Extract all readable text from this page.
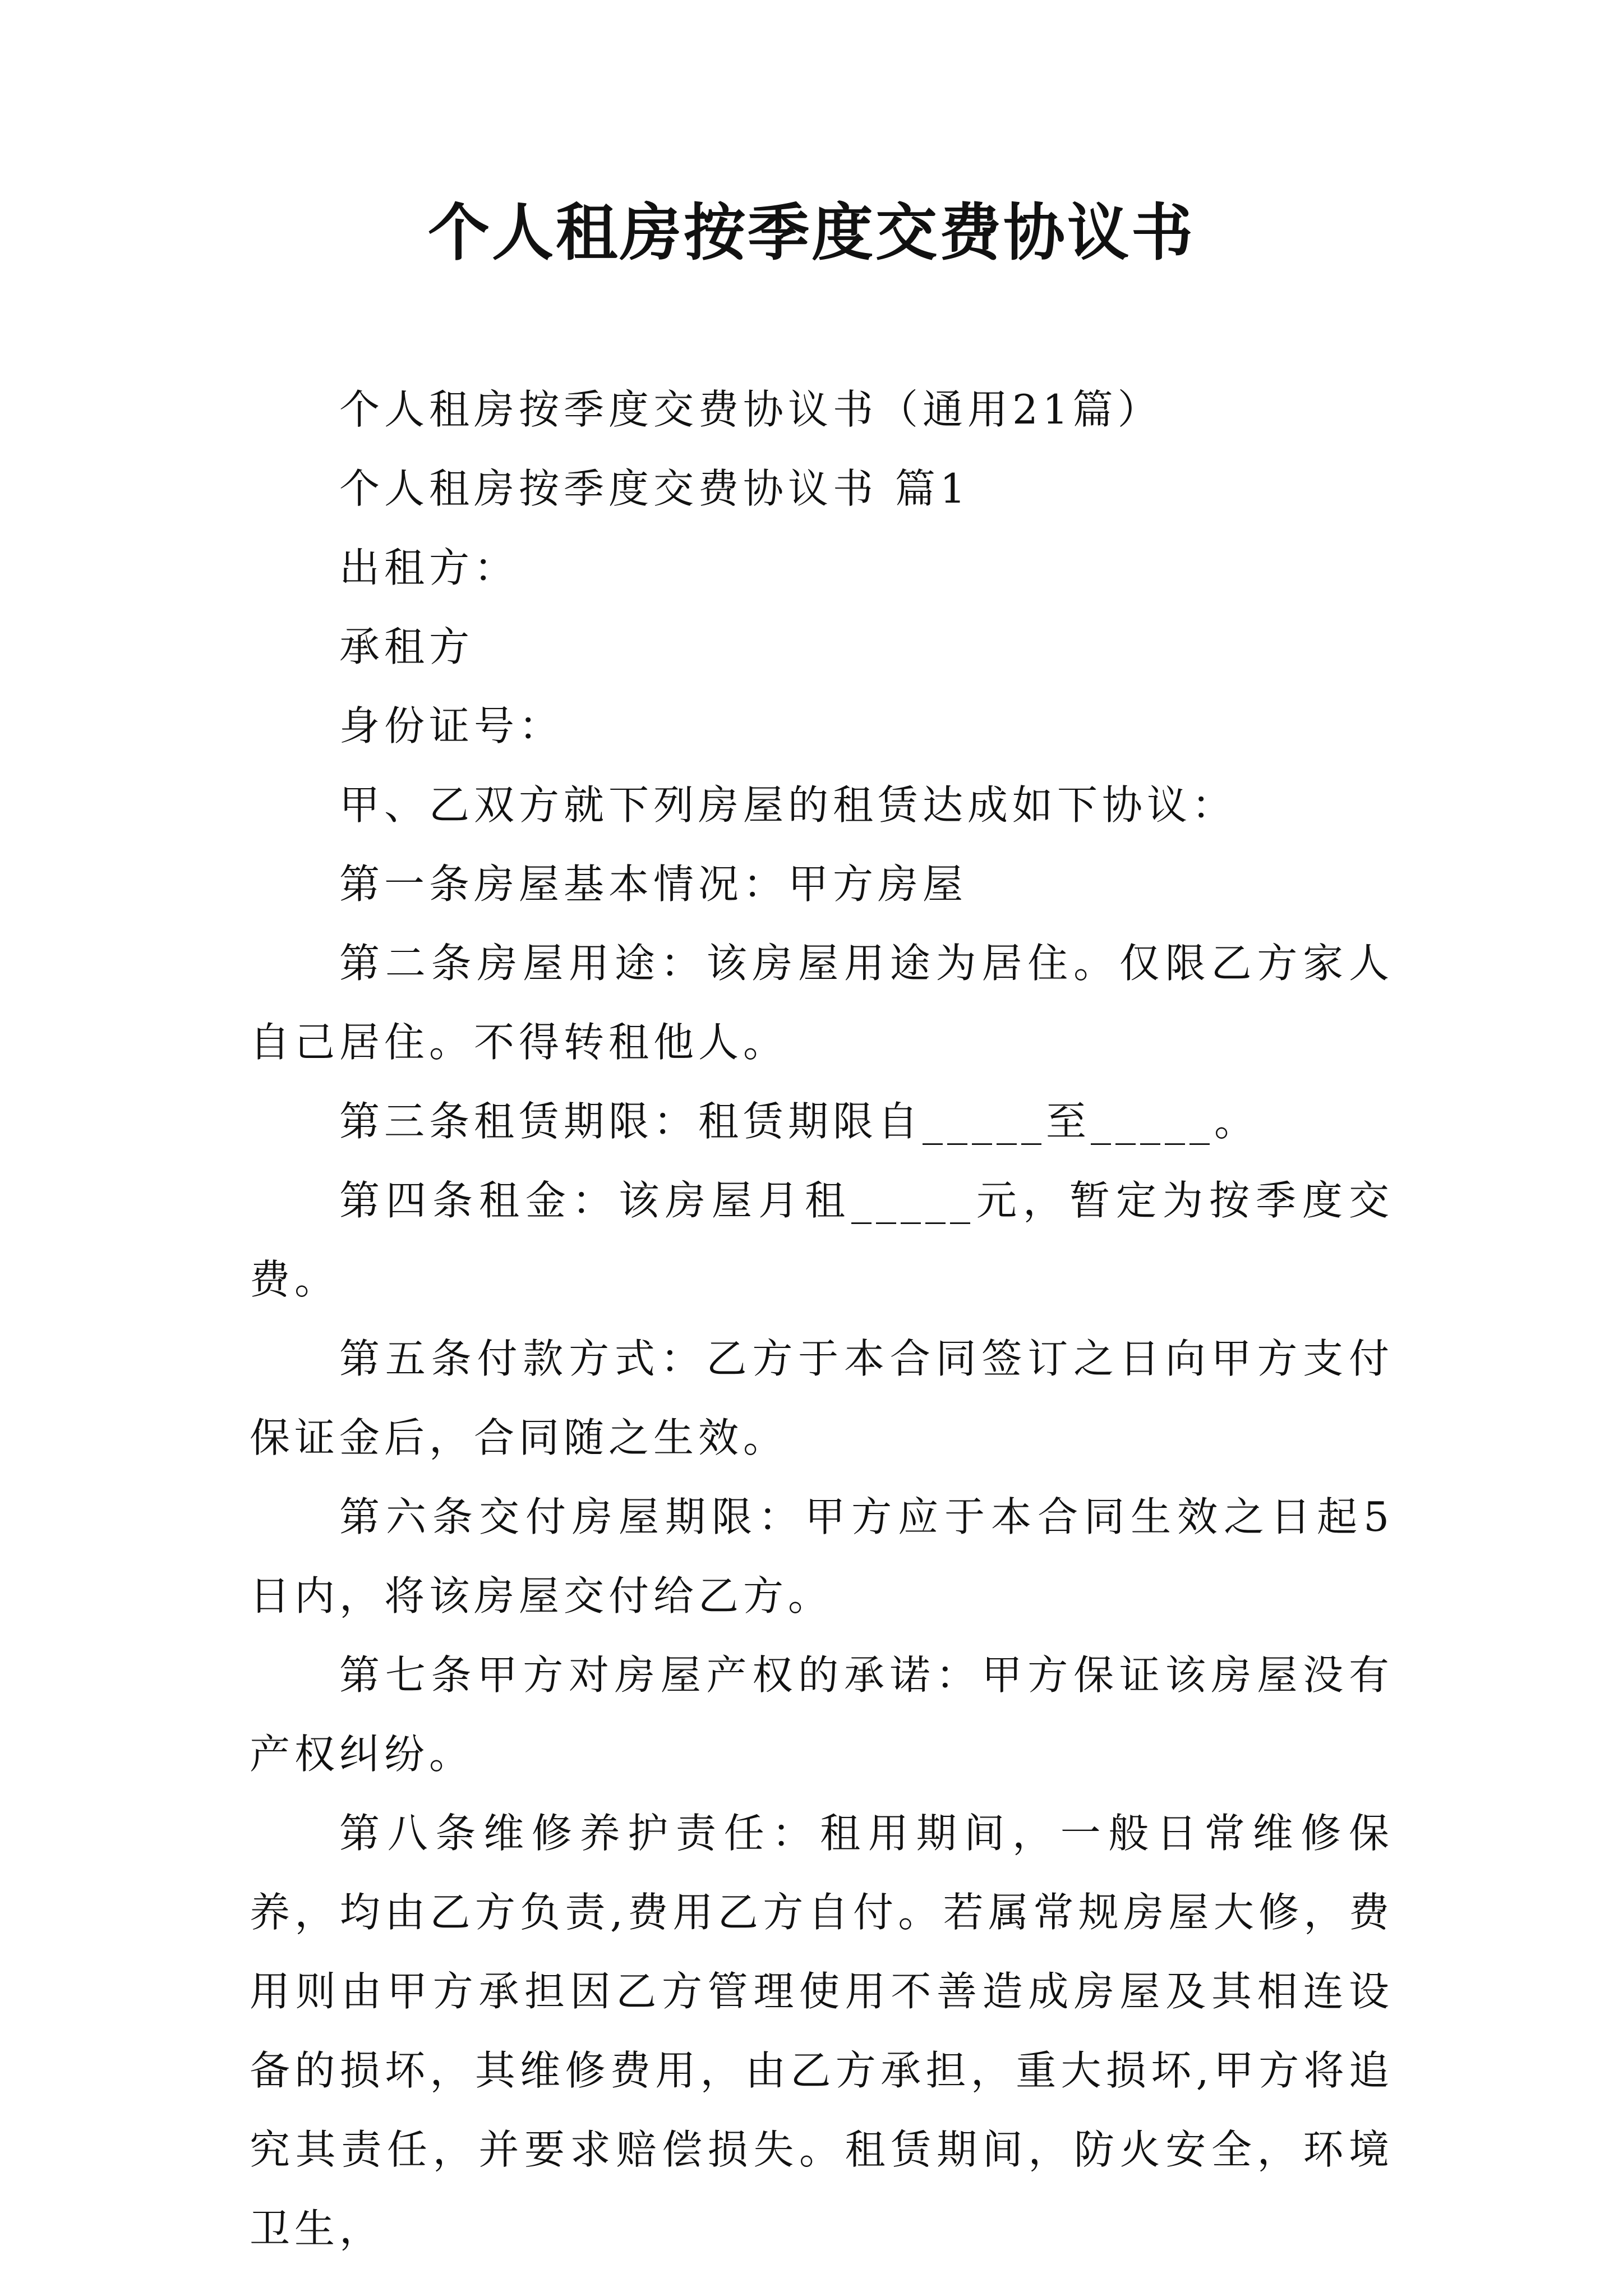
个人租房按季度交费协议书

个人租房按季度交费协议书（通用21篇）

个人租房按季度交费协议书 篇1

出租方：

承租方

身份证号：

甲、乙双方就下列房屋的租赁达成如下协议：

第一条房屋基本情况：甲方房屋

第二条房屋用途：该房屋用途为居住。仅限乙方家人自己居住。不得转租他人。

第三条租赁期限：租赁期限自_____至_____。

第四条租金：该房屋月租_____元，暂定为按季度交费。

第五条付款方式：乙方于本合同签订之日向甲方支付保证金后，合同随之生效。

第六条交付房屋期限：甲方应于本合同生效之日起5日内，将该房屋交付给乙方。

第七条甲方对房屋产权的承诺：甲方保证该房屋没有产权纠纷。

第八条维修养护责任：租用期间，一般日常维修保养，均由乙方负责,费用乙方自付。若属常规房屋大修，费用则由甲方承担因乙方管理使用不善造成房屋及其相连设备的损坏，其维修费用，由乙方承担，重大损坏,甲方将追究其责任，并要求赔偿损失。租赁期间，防火安全，环境卫生，
